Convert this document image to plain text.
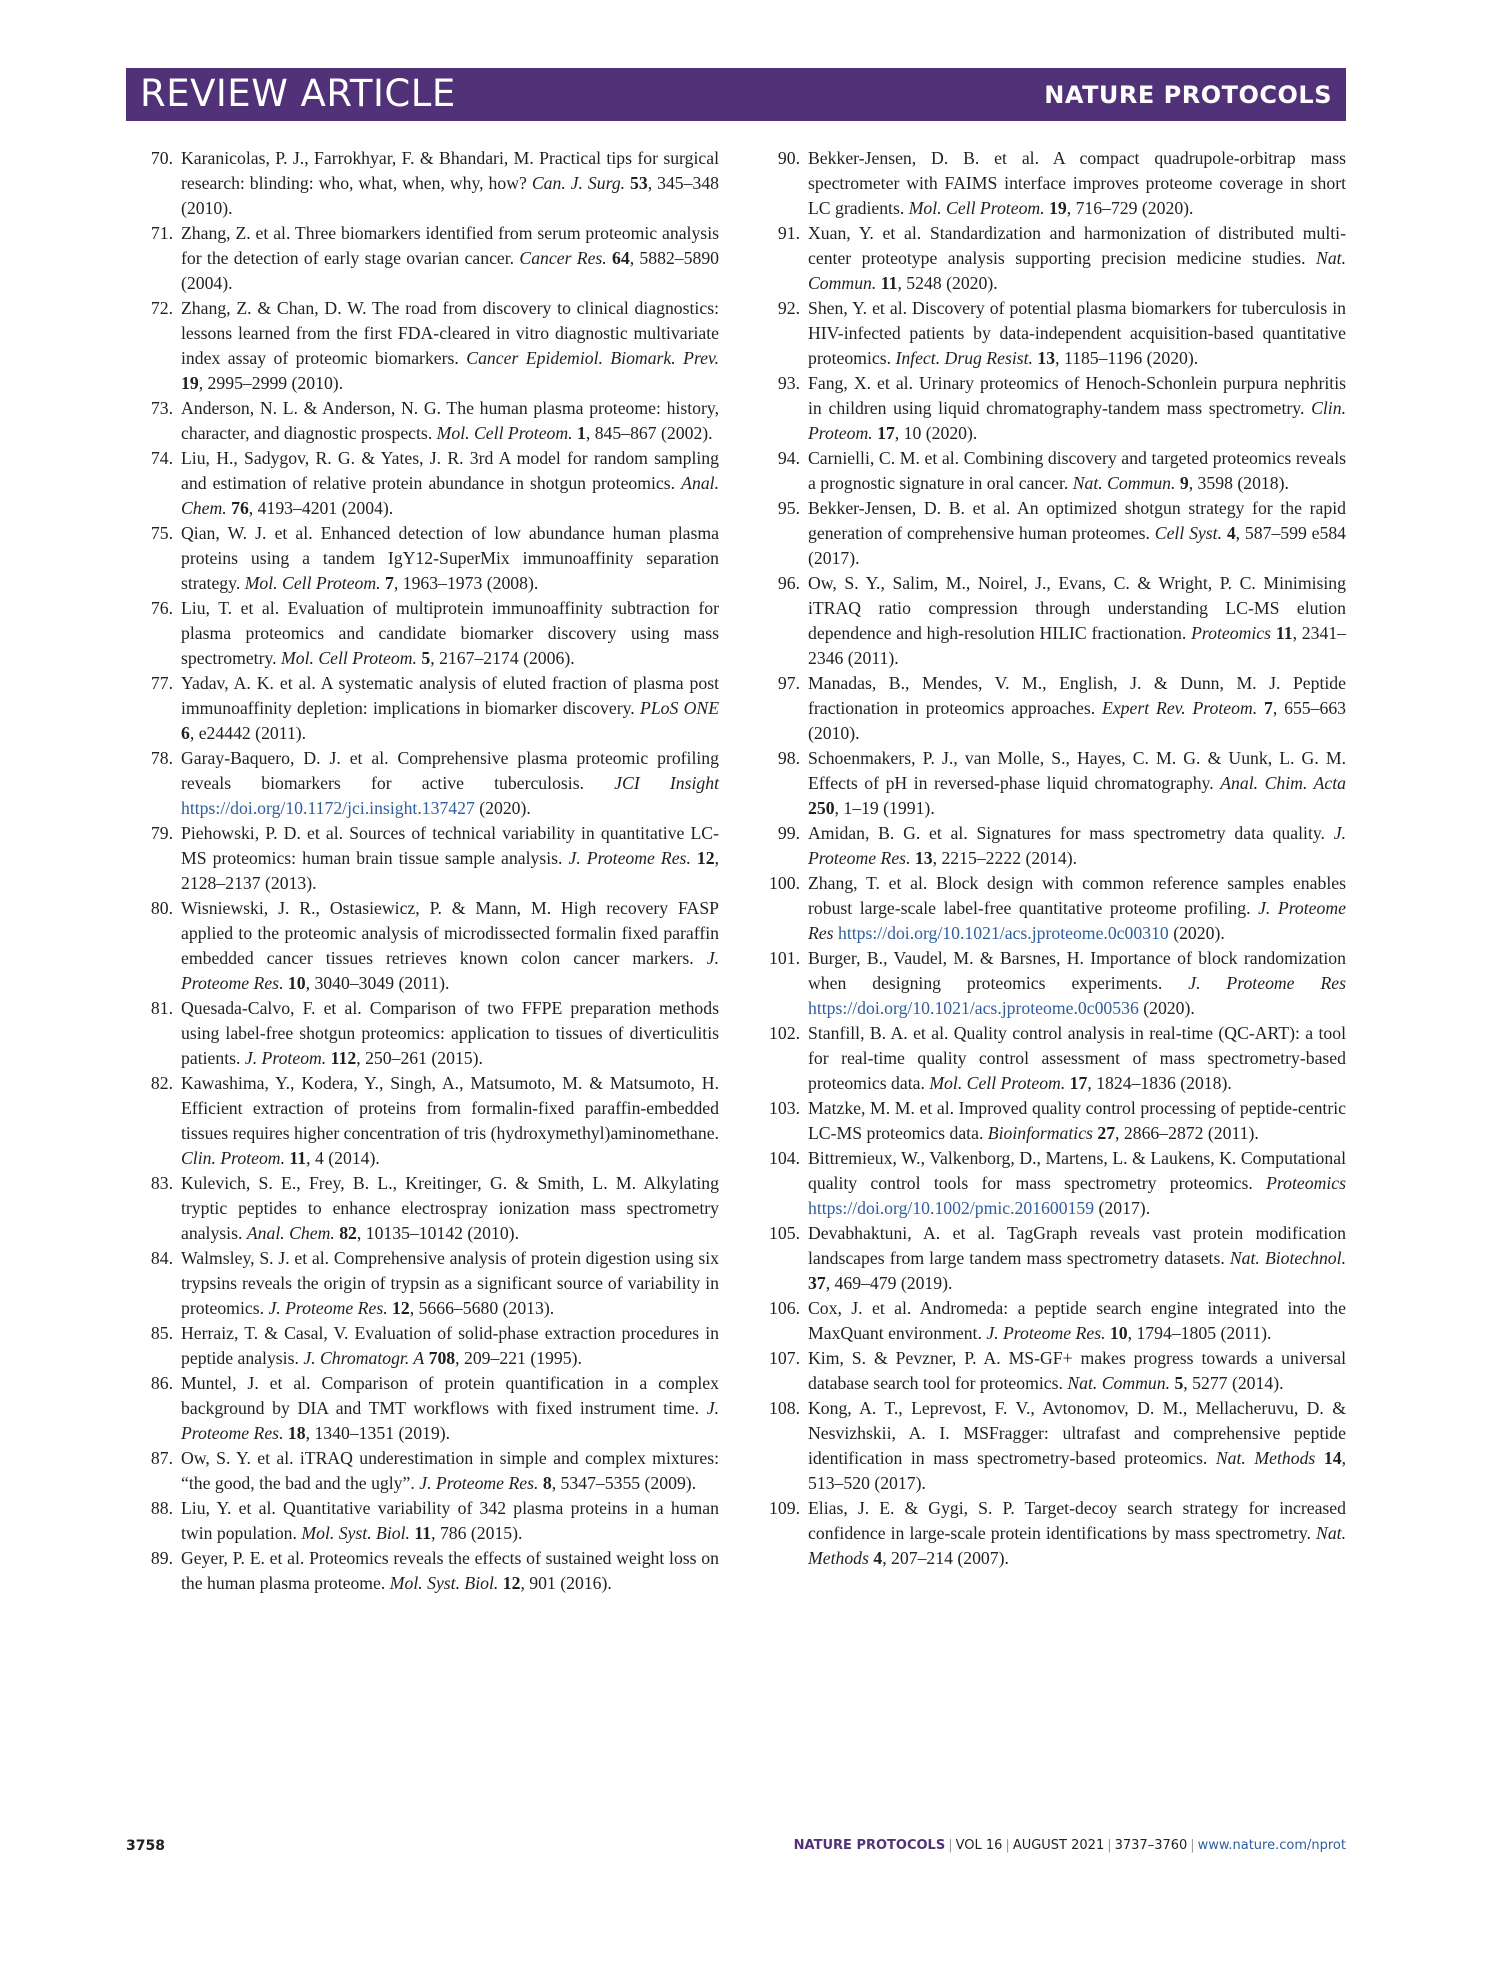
REVIEW ARTICLE	NATURE PROTOCOLS

70. Karanicolas, P. J., Farrokhyar, F. & Bhandari, M. Practical tips for surgical research: blinding: who, what, when, why, how? Can. J. Surg. 53, 345–348 (2010).

71. Zhang, Z. et al. Three biomarkers identified from serum proteomic analysis for the detection of early stage ovarian cancer. Cancer Res. 64, 5882–5890 (2004).

72. Zhang, Z. & Chan, D. W. The road from discovery to clinical diagnostics: lessons learned from the first FDA-cleared in vitro diagnostic multivariate index assay of proteomic biomarkers. Cancer Epidemiol. Biomark. Prev. 19, 2995–2999 (2010).

73. Anderson, N. L. & Anderson, N. G. The human plasma proteome: history, character, and diagnostic prospects. Mol. Cell Proteom. 1, 845–867 (2002).

74. Liu, H., Sadygov, R. G. & Yates, J. R. 3rd A model for random sampling and estimation of relative protein abundance in shotgun proteomics. Anal. Chem. 76, 4193–4201 (2004).

75. Qian, W. J. et al. Enhanced detection of low abundance human plasma proteins using a tandem IgY12-SuperMix immunoaffinity separation strategy. Mol. Cell Proteom. 7, 1963–1973 (2008).

76. Liu, T. et al. Evaluation of multiprotein immunoaffinity subtraction for plasma proteomics and candidate biomarker discovery using mass spectrometry. Mol. Cell Proteom. 5, 2167–2174 (2006).

77. Yadav, A. K. et al. A systematic analysis of eluted fraction of plasma post immunoaffinity depletion: implications in biomarker discovery. PLoS ONE 6, e24442 (2011).

78. Garay-Baquero, D. J. et al. Comprehensive plasma proteomic profiling reveals biomarkers for active tuberculosis. JCI Insight https://doi.org/10.1172/jci.insight.137427 (2020).

79. Piehowski, P. D. et al. Sources of technical variability in quantitative LC-MS proteomics: human brain tissue sample analysis. J. Proteome Res. 12, 2128–2137 (2013).

80. Wisniewski, J. R., Ostasiewicz, P. & Mann, M. High recovery FASP applied to the proteomic analysis of microdissected formalin fixed paraffin embedded cancer tissues retrieves known colon cancer markers. J. Proteome Res. 10, 3040–3049 (2011).

81. Quesada-Calvo, F. et al. Comparison of two FFPE preparation methods using label-free shotgun proteomics: application to tissues of diverticulitis patients. J. Proteom. 112, 250–261 (2015).

82. Kawashima, Y., Kodera, Y., Singh, A., Matsumoto, M. & Matsumoto, H. Efficient extraction of proteins from formalin-fixed paraffin-embedded tissues requires higher concentration of tris (hydroxymethyl)aminomethane. Clin. Proteom. 11, 4 (2014).

83. Kulevich, S. E., Frey, B. L., Kreitinger, G. & Smith, L. M. Alkylating tryptic peptides to enhance electrospray ionization mass spectrometry analysis. Anal. Chem. 82, 10135–10142 (2010).

84. Walmsley, S. J. et al. Comprehensive analysis of protein digestion using six trypsins reveals the origin of trypsin as a significant source of variability in proteomics. J. Proteome Res. 12, 5666–5680 (2013).

85. Herraiz, T. & Casal, V. Evaluation of solid-phase extraction procedures in peptide analysis. J. Chromatogr. A 708, 209–221 (1995).

86. Muntel, J. et al. Comparison of protein quantification in a complex background by DIA and TMT workflows with fixed instrument time. J. Proteome Res. 18, 1340–1351 (2019).

87. Ow, S. Y. et al. iTRAQ underestimation in simple and complex mixtures: “the good, the bad and the ugly”. J. Proteome Res. 8, 5347–5355 (2009).

88. Liu, Y. et al. Quantitative variability of 342 plasma proteins in a human twin population. Mol. Syst. Biol. 11, 786 (2015).

89. Geyer, P. E. et al. Proteomics reveals the effects of sustained weight loss on the human plasma proteome. Mol. Syst. Biol. 12, 901 (2016).

90. Bekker-Jensen, D. B. et al. A compact quadrupole-orbitrap mass spectrometer with FAIMS interface improves proteome coverage in short LC gradients. Mol. Cell Proteom. 19, 716–729 (2020).

91. Xuan, Y. et al. Standardization and harmonization of distributed multi-center proteotype analysis supporting precision medicine studies. Nat. Commun. 11, 5248 (2020).

92. Shen, Y. et al. Discovery of potential plasma biomarkers for tuberculosis in HIV-infected patients by data-independent acquisition-based quantitative proteomics. Infect. Drug Resist. 13, 1185–1196 (2020).

93. Fang, X. et al. Urinary proteomics of Henoch-Schonlein purpura nephritis in children using liquid chromatography-tandem mass spectrometry. Clin. Proteom. 17, 10 (2020).

94. Carnielli, C. M. et al. Combining discovery and targeted proteomics reveals a prognostic signature in oral cancer. Nat. Commun. 9, 3598 (2018).

95. Bekker-Jensen, D. B. et al. An optimized shotgun strategy for the rapid generation of comprehensive human proteomes. Cell Syst. 4, 587–599 e584 (2017).

96. Ow, S. Y., Salim, M., Noirel, J., Evans, C. & Wright, P. C. Minimising iTRAQ ratio compression through understanding LC-MS elution dependence and high-resolution HILIC fractionation. Proteomics 11, 2341–2346 (2011).

97. Manadas, B., Mendes, V. M., English, J. & Dunn, M. J. Peptide fractionation in proteomics approaches. Expert Rev. Proteom. 7, 655–663 (2010).

98. Schoenmakers, P. J., van Molle, S., Hayes, C. M. G. & Uunk, L. G. M. Effects of pH in reversed-phase liquid chromatography. Anal. Chim. Acta 250, 1–19 (1991).

99. Amidan, B. G. et al. Signatures for mass spectrometry data quality. J. Proteome Res. 13, 2215–2222 (2014).

100. Zhang, T. et al. Block design with common reference samples enables robust large-scale label-free quantitative proteome profiling. J. Proteome Res https://doi.org/10.1021/acs.jproteome.0c00310 (2020).

101. Burger, B., Vaudel, M. & Barsnes, H. Importance of block randomization when designing proteomics experiments. J. Proteome Res https://doi.org/10.1021/acs.jproteome.0c00536 (2020).

102. Stanfill, B. A. et al. Quality control analysis in real-time (QC-ART): a tool for real-time quality control assessment of mass spectrometry-based proteomics data. Mol. Cell Proteom. 17, 1824–1836 (2018).

103. Matzke, M. M. et al. Improved quality control processing of peptide-centric LC-MS proteomics data. Bioinformatics 27, 2866–2872 (2011).

104. Bittremieux, W., Valkenborg, D., Martens, L. & Laukens, K. Computational quality control tools for mass spectrometry proteomics. Proteomics https://doi.org/10.1002/pmic.201600159 (2017).

105. Devabhaktuni, A. et al. TagGraph reveals vast protein modification landscapes from large tandem mass spectrometry datasets. Nat. Biotechnol. 37, 469–479 (2019).

106. Cox, J. et al. Andromeda: a peptide search engine integrated into the MaxQuant environment. J. Proteome Res. 10, 1794–1805 (2011).

107. Kim, S. & Pevzner, P. A. MS-GF+ makes progress towards a universal database search tool for proteomics. Nat. Commun. 5, 5277 (2014).

108. Kong, A. T., Leprevost, F. V., Avtonomov, D. M., Mellacheruvu, D. & Nesvizhskii, A. I. MSFragger: ultrafast and comprehensive peptide identification in mass spectrometry-based proteomics. Nat. Methods 14, 513–520 (2017).

109. Elias, J. E. & Gygi, S. P. Target-decoy search strategy for increased confidence in large-scale protein identifications by mass spectrometry. Nat. Methods 4, 207–214 (2007).

3758	NATURE PROTOCOLS | VOL 16 | AUGUST 2021 | 3737–3760 | www.nature.com/nprot
